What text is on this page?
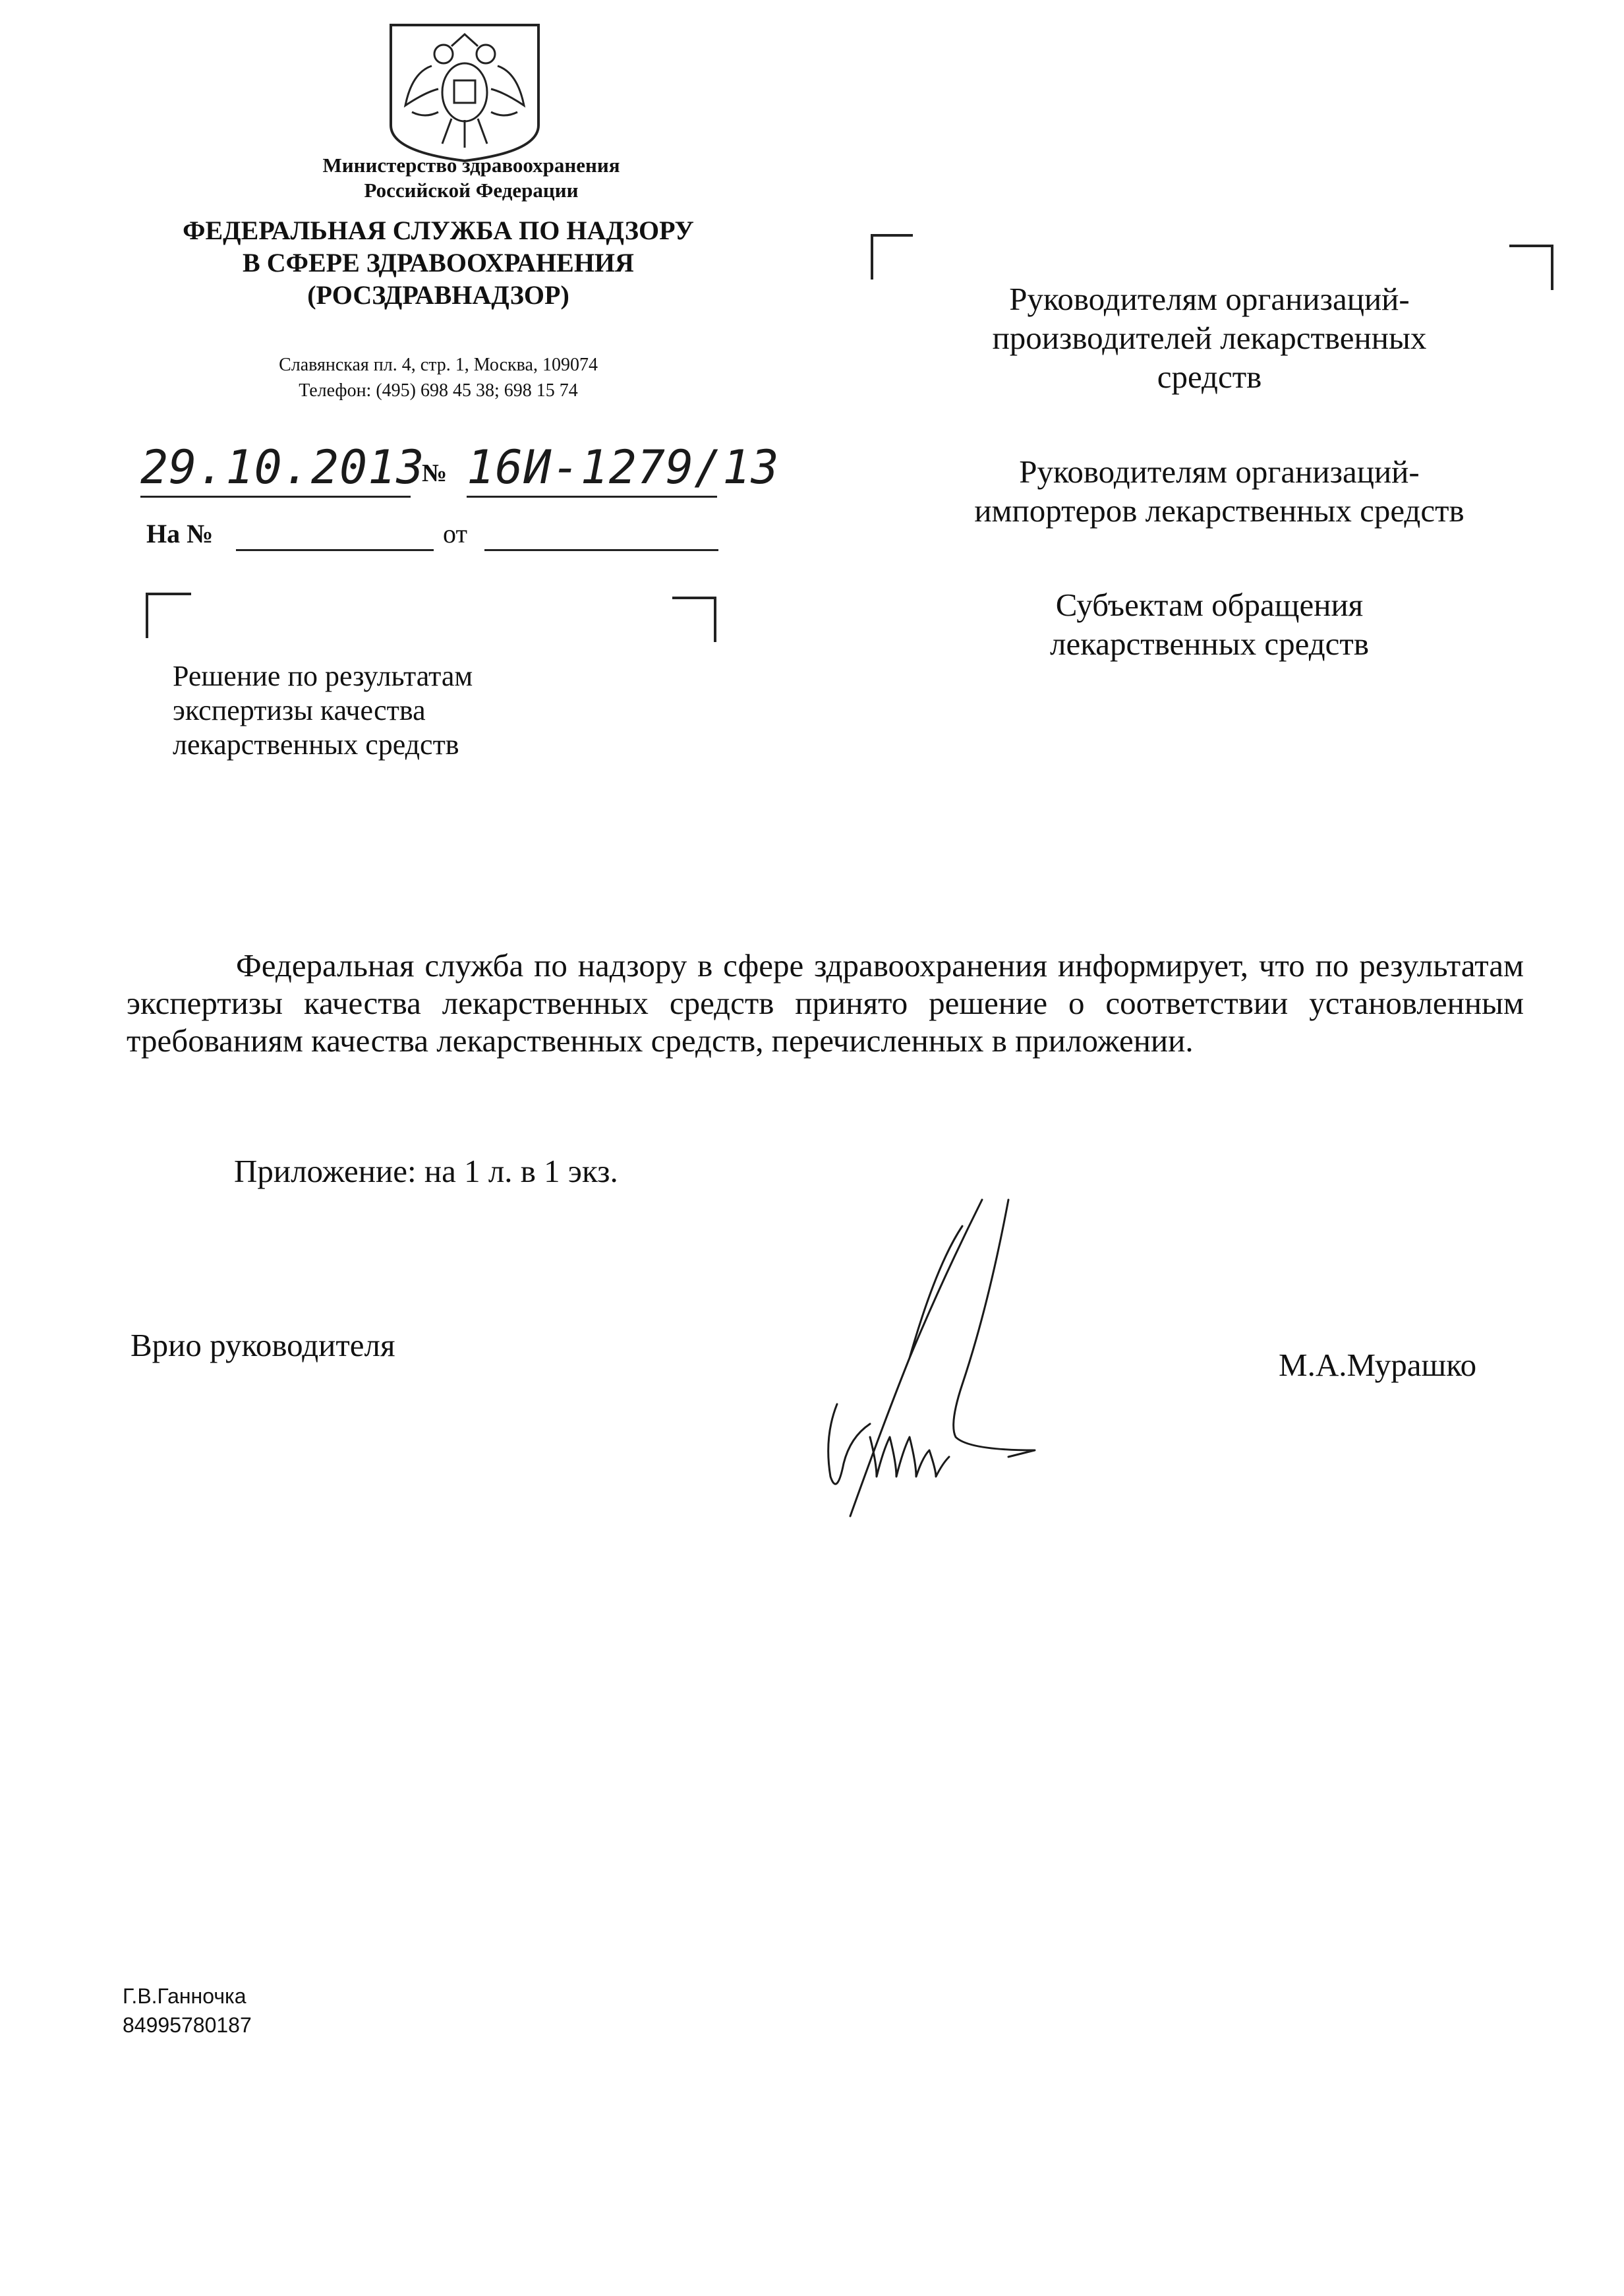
Министерство здравоохранения
Российской Федерации
ФЕДЕРАЛЬНАЯ СЛУЖБА ПО НАДЗОРУ
В СФЕРЕ ЗДРАВООХРАНЕНИЯ
(РОСЗДРАВНАДЗОР)
Славянская пл. 4, стр. 1, Москва, 109074
Телефон: (495) 698 45 38; 698 15 74
29.10.2013
№ 16И-1279/13
На №	от
Решение по результатам
экспертизы качества
лекарственных средств
Руководителям организаций-
производителей лекарственных
средств
Руководителям организаций-
импортеров лекарственных средств
Субъектам обращения
лекарственных средств

Федеральная служба по надзору в сфере здравоохранения информирует, что по результатам экспертизы качества лекарственных средств принято решение о соответствии установленным требованиям качества лекарственных средств, перечисленных в приложении.

Приложение: на 1 л. в 1 экз.
Врио руководителя
М.А.Мурашко
Г.В.Ганночка
84995780187
